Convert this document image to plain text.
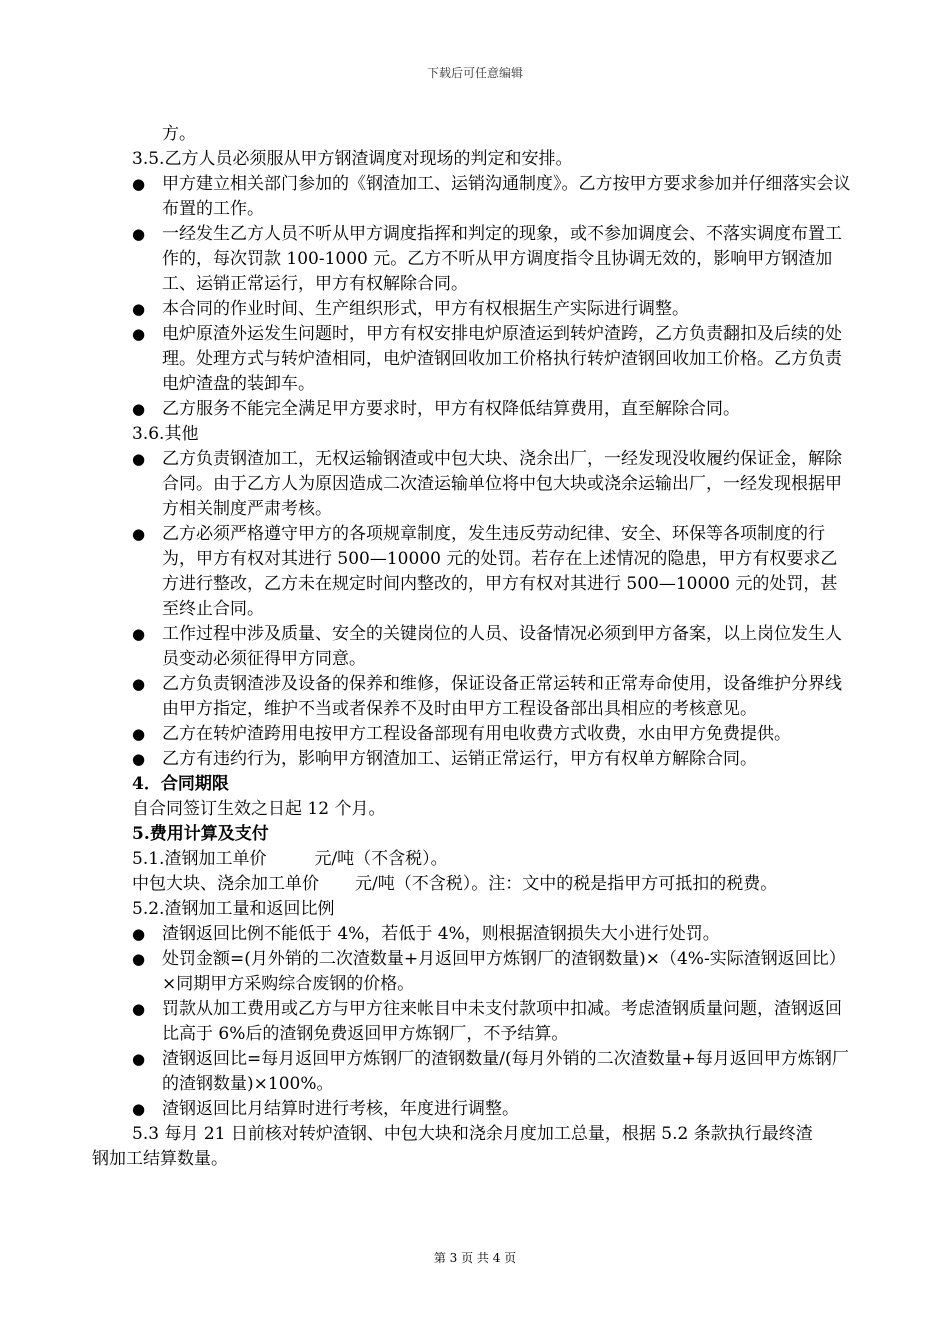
下载后可任意编辑
方。
3.5.乙方人员必须服从甲方钢渣调度对现场的判定和安排。
● 甲方建立相关部门参加的《钢渣加工、运销沟通制度》。乙方按甲方要求参加并仔细落实会议布置的工作。
● 一经发生乙方人员不听从甲方调度指挥和判定的现象，或不参加调度会、不落实调度布置工作的，每次罚款 100-1000 元。乙方不听从甲方调度指令且协调无效的，影响甲方钢渣加工、运销正常运行，甲方有权解除合同。
● 本合同的作业时间、生产组织形式，甲方有权根据生产实际进行调整。
● 电炉原渣外运发生问题时，甲方有权安排电炉原渣运到转炉渣跨，乙方负责翻扣及后续的处理。处理方式与转炉渣相同，电炉渣钢回收加工价格执行转炉渣钢回收加工价格。乙方负责电炉渣盘的装卸车。
● 乙方服务不能完全满足甲方要求时，甲方有权降低结算费用，直至解除合同。
3.6.其他
● 乙方负责钢渣加工，无权运输钢渣或中包大块、浇余出厂，一经发现没收履约保证金，解除合同。由于乙方人为原因造成二次渣运输单位将中包大块或浇余运输出厂，一经发现根据甲方相关制度严肃考核。
● 乙方必须严格遵守甲方的各项规章制度，发生违反劳动纪律、安全、环保等各项制度的行为，甲方有权对其进行 500—10000 元的处罚。若存在上述情况的隐患，甲方有权要求乙方进行整改，乙方未在规定时间内整改的，甲方有权对其进行 500—10000 元的处罚，甚至终止合同。
● 工作过程中涉及质量、安全的关键岗位的人员、设备情况必须到甲方备案，以上岗位发生人员变动必须征得甲方同意。
● 乙方负责钢渣涉及设备的保养和维修，保证设备正常运转和正常寿命使用，设备维护分界线由甲方指定，维护不当或者保养不及时由甲方工程设备部出具相应的考核意见。
● 乙方在转炉渣跨用电按甲方工程设备部现有用电收费方式收费，水由甲方免费提供。
● 乙方有违约行为，影响甲方钢渣加工、运销正常运行，甲方有权单方解除合同。
4．合同期限
自合同签订生效之日起 12 个月。
5.费用计算及支付
5.1.渣钢加工单价	元/吨（不含税）。
中包大块、浇余加工单价 元/吨（不含税）。注：文中的税是指甲方可抵扣的税费。
5.2.渣钢加工量和返回比例
● 渣钢返回比例不能低于 4%，若低于 4%，则根据渣钢损失大小进行处罚。
● 处罚金额=(月外销的二次渣数量+月返回甲方炼钢厂的渣钢数量)×（4%-实际渣钢返回比）×同期甲方采购综合废钢的价格。
● 罚款从加工费用或乙方与甲方往来帐目中未支付款项中扣减。考虑渣钢质量问题，渣钢返回比高于 6%后的渣钢免费返回甲方炼钢厂，不予结算。
● 渣钢返回比=每月返回甲方炼钢厂的渣钢数量/(每月外销的二次渣数量+每月返回甲方炼钢厂的渣钢数量)×100%。
● 渣钢返回比月结算时进行考核，年度进行调整。
5.3 每月 21 日前核对转炉渣钢、中包大块和浇余月度加工总量，根据 5.2 条款执行最终渣钢加工结算数量。
第 3 页 共 4 页
